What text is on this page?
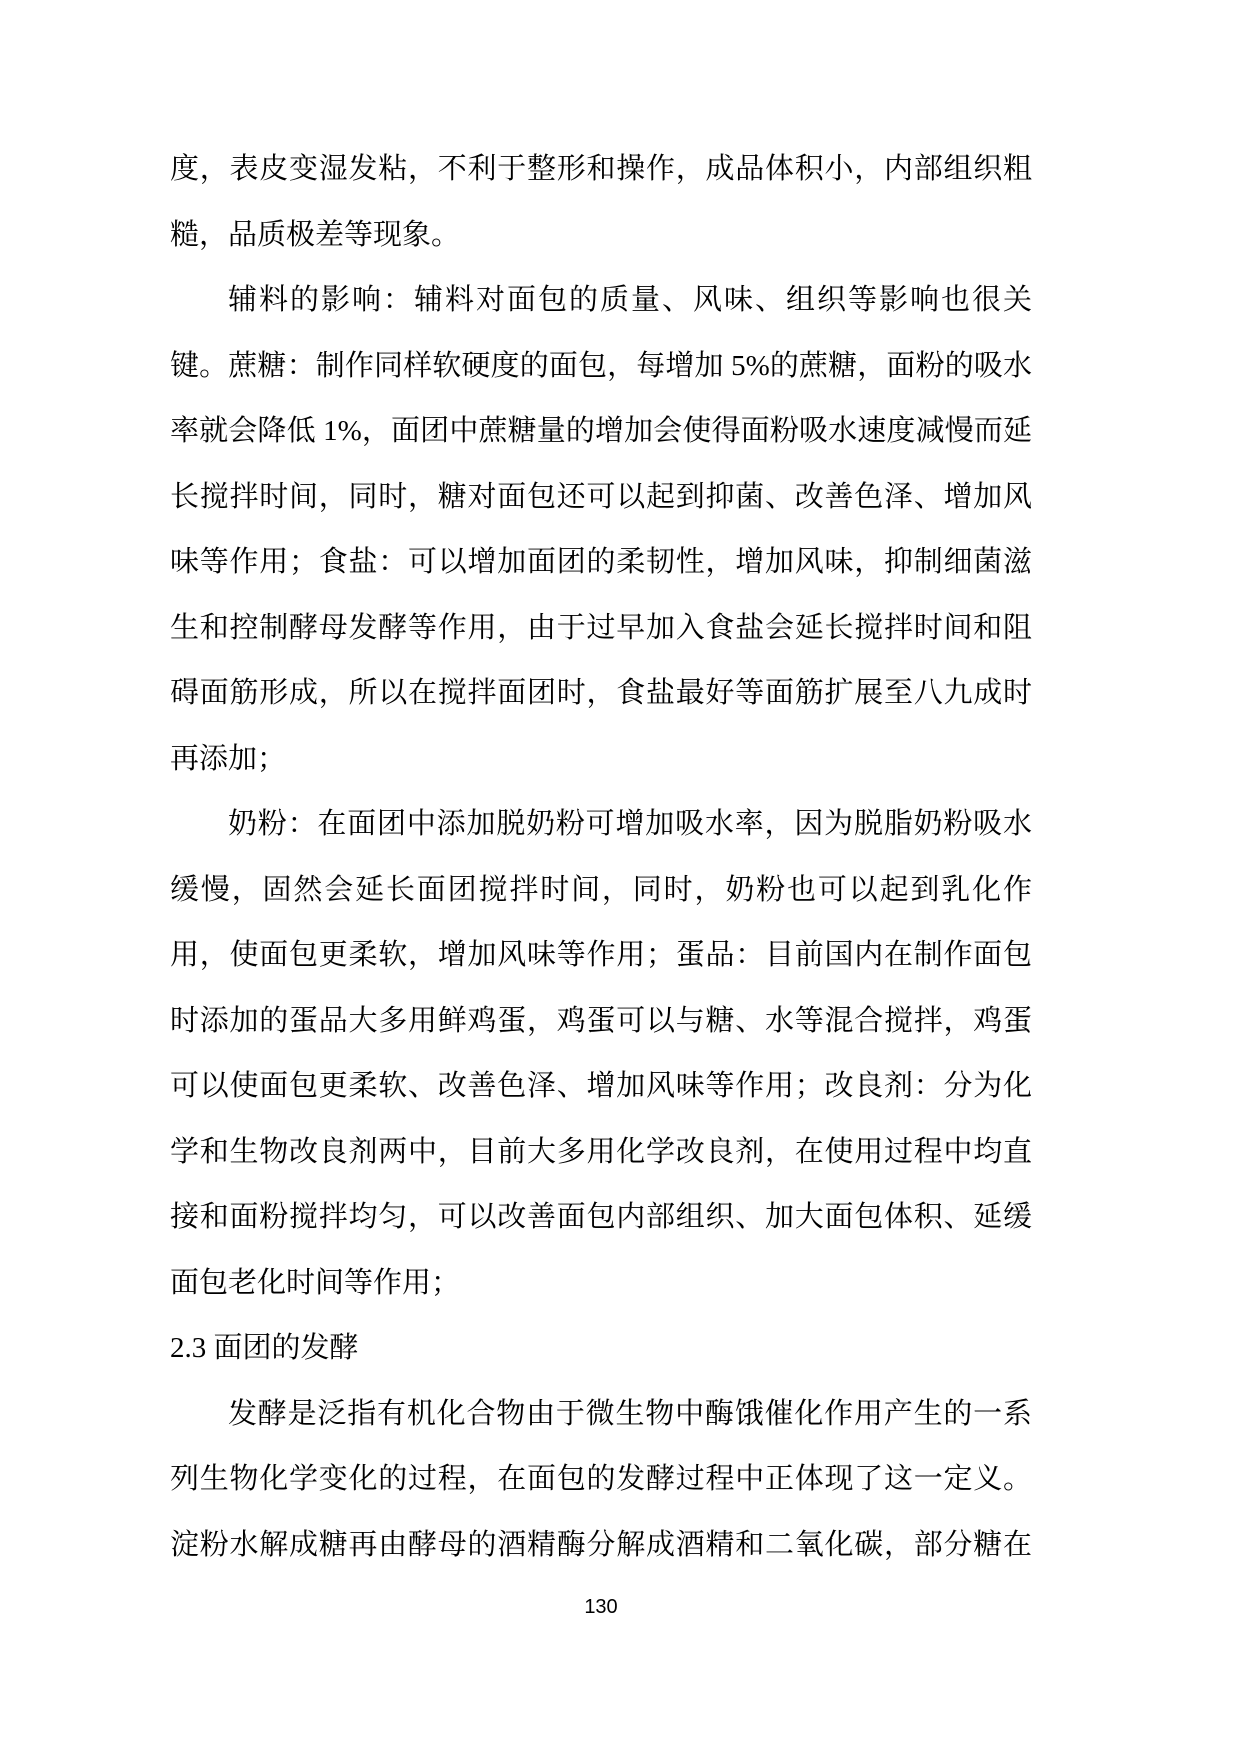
度，表皮变湿发粘，不利于整形和操作，成品体积小，内部组织粗
糙，品质极差等现象。
辅料的影响：辅料对面包的质量、风味、组织等影响也很关
键。蔗糖：制作同样软硬度的面包，每增加 5%的蔗糖，面粉的吸水
率就会降低 1%，面团中蔗糖量的增加会使得面粉吸水速度减慢而延
长搅拌时间，同时，糖对面包还可以起到抑菌、改善色泽、增加风
味等作用；食盐：可以增加面团的柔韧性，增加风味，抑制细菌滋
生和控制酵母发酵等作用，由于过早加入食盐会延长搅拌时间和阻
碍面筋形成，所以在搅拌面团时，食盐最好等面筋扩展至八九成时
再添加；
奶粉：在面团中添加脱奶粉可增加吸水率，因为脱脂奶粉吸水
缓慢，固然会延长面团搅拌时间，同时，奶粉也可以起到乳化作
用，使面包更柔软，增加风味等作用；蛋品：目前国内在制作面包
时添加的蛋品大多用鲜鸡蛋，鸡蛋可以与糖、水等混合搅拌，鸡蛋
可以使面包更柔软、改善色泽、增加风味等作用；改良剂：分为化
学和生物改良剂两中，目前大多用化学改良剂，在使用过程中均直
接和面粉搅拌均匀，可以改善面包内部组织、加大面包体积、延缓
面包老化时间等作用；
2.3 面团的发酵
发酵是泛指有机化合物由于微生物中酶饿催化作用产生的一系
列生物化学变化的过程，在面包的发酵过程中正体现了这一定义。
淀粉水解成糖再由酵母的酒精酶分解成酒精和二氧化碳，部分糖在
130
